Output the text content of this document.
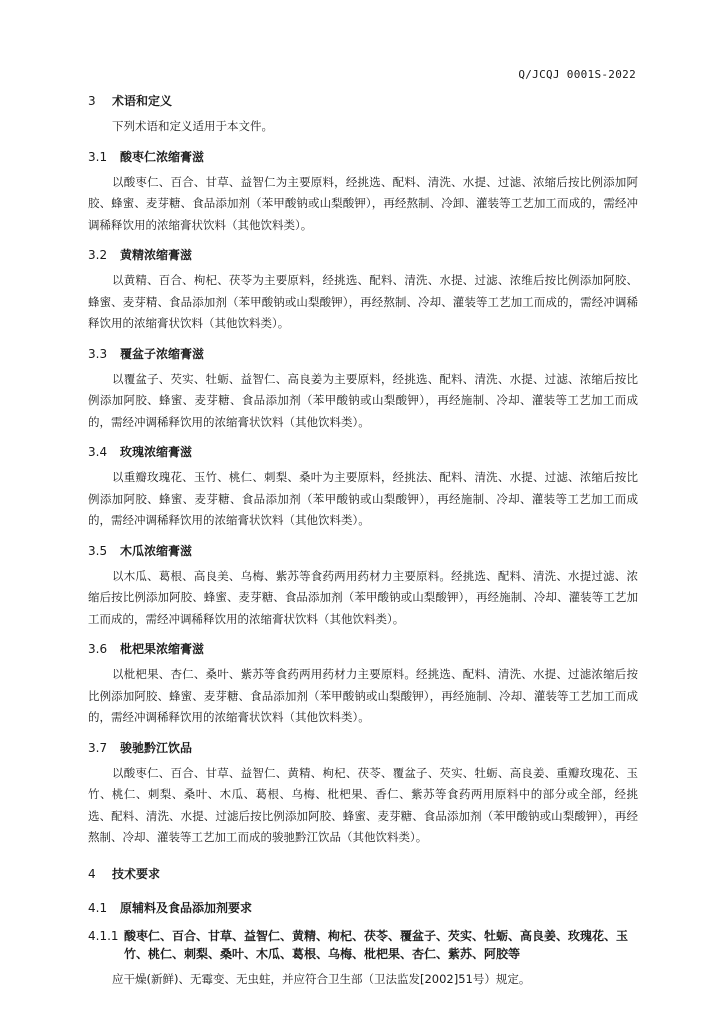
Q/JCQJ 0001S-2022
3	术语和定义

下列术语和定义适用于本文件。

3.1	酸枣仁浓缩膏滋

以酸枣仁、百合、甘草、益智仁为主要原料，经挑选、配料、清洗、水提、过滤、浓缩后按比例添加阿胶、蜂蜜、麦芽糖、食品添加剂（苯甲酸钠或山梨酸钾），再经熬制、冷卸、灌装等工艺加工而成的，需经冲调稀释饮用的浓缩膏状饮料（其他饮料类）。

3.2	黄精浓缩膏滋

以黄精、百合、枸杞、茯苓为主要原料，经挑选、配料、清洗、水提、过滤、浓维后按比例添加阿胶、蜂蜜、麦芽精、食品添加剂（苯甲酸钠或山梨酸钾），再经熬制、冷却、灌装等工艺加工而成的，需经冲调稀释饮用的浓缩膏状饮料（其他饮料类）。

3.3	覆盆子浓缩膏滋

以覆盆子、芡实、牡蛎、益智仁、高良姜为主要原料，经挑选、配料、清洗、水提、过滤、浓缩后按比例添加阿胶、蜂蜜、麦芽糖、食品添加剂（苯甲酸钠或山梨酸钾），再经施制、冷却、灌装等工艺加工而成的，需经冲调稀释饮用的浓缩膏状饮料（其他饮料类）。

3.4	玫瑰浓缩膏滋

以重瓣玫瑰花、玉竹、桃仁、刺梨、桑叶为主要原料，经挑法、配料、清洗、水提、过滤、浓缩后按比例添加阿胶、蜂蜜、麦芽糖、食品添加剂（苯甲酸钠或山梨酸钾），再经施制、冷却、灌装等工艺加工而成的，需经冲调稀释饮用的浓缩膏状饮料（其他饮料类）。

3.5	木瓜浓缩膏滋

以木瓜、葛根、高良美、乌梅、紫苏等食药两用药材力主要原料。经挑选、配料、清洗、水提过滤、浓缩后按比例添加阿胶、蜂蜜、麦芽糖、食品添加剂（苯甲酸钠或山梨酸钾），再经施制、冷却、灌装等工艺加工而成的，需经冲调稀释饮用的浓缩膏状饮料（其他饮料类）。

3.6	枇杷果浓缩膏滋

以枇杷果、杏仁、桑叶、紫苏等食药两用药材力主要原料。经挑选、配料、清洗、水提、过滤浓缩后按比例添加阿胶、蜂蜜、麦芽糖、食品添加剂（苯甲酸钠或山梨酸钾），再经施制、冷却、灌装等工艺加工而成的，需经冲调稀释饮用的浓缩膏状饮料（其他饮料类）。

3.7	骏驰黔江饮品

以酸枣仁、百合、甘草、益智仁、黄精、枸杞、茯苓、覆盆子、芡实、牡蛎、高良姜、重瓣玫瑰花、玉竹、桃仁、刺梨、桑叶、木瓜、葛根、乌梅、枇杷果、香仁、紫苏等食药两用原料中的部分或全部，经挑选、配料、清洗、水提、过滤后按比例添加阿胶、蜂蜜、麦芽糖、食品添加剂（苯甲酸钠或山梨酸钾），再经熬制、冷却、灌装等工艺加工而成的骏驰黔江饮品（其他饮料类）。

4	技术要求
4.1	原辅料及食品添加剂要求
4.1.1 酸枣仁、百合、甘草、益智仁、黄精、枸杞、茯苓、覆盆子、芡实、牡蛎、高良姜、玫瑰花、玉竹、桃仁、刺梨、桑叶、木瓜、葛根、乌梅、枇杷果、杏仁、紫苏、阿胶等

应干燥(新鲜)、无霉变、无虫蛀，并应符合卫生部（卫法监发[2002]51号）规定。
